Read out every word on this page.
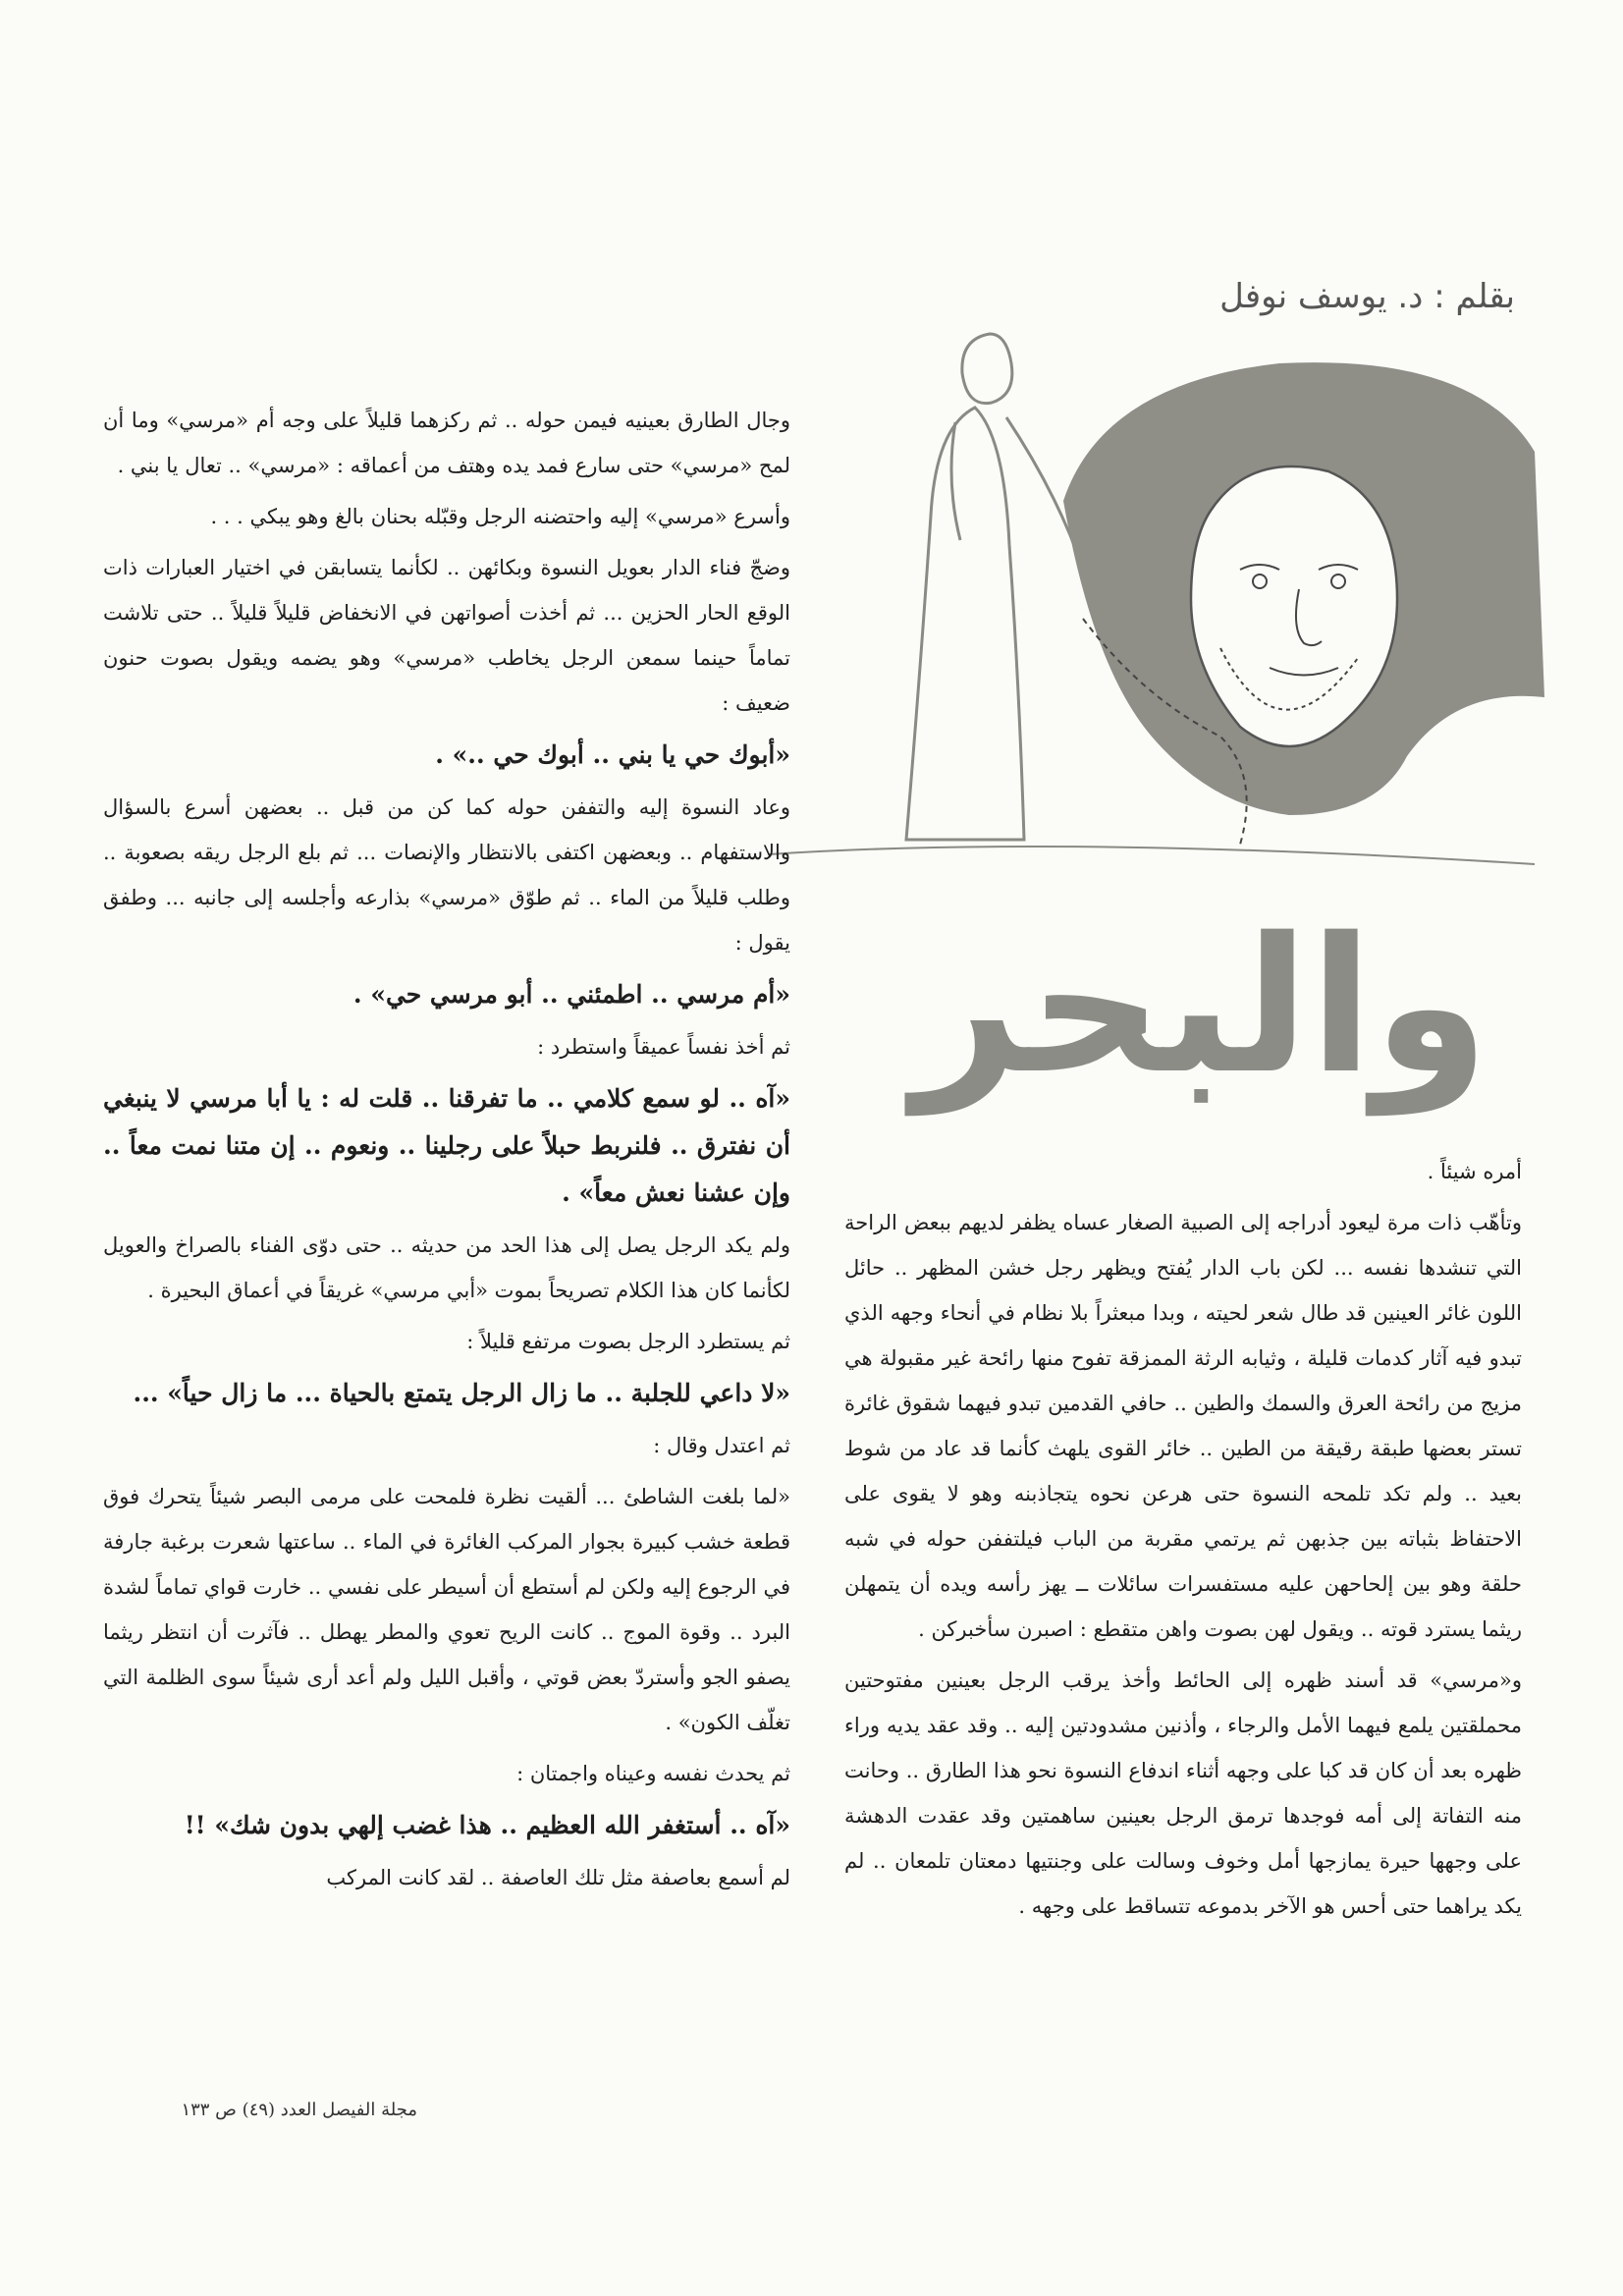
بقلم : د. يوسف نوفل
والبحر

وجال الطارق بعينيه فيمن حوله .. ثم ركزهما قليلاً على وجه أم «مرسي» وما أن لمح «مرسي» حتى سارع فمد يده وهتف من أعماقه : «مرسي» .. تعال يا بني .

وأسرع «مرسي» إليه واحتضنه الرجل وقبّله بحنان بالغ وهو يبكي . . .

وضجّ فناء الدار بعويل النسوة وبكائهن .. لكأنما يتسابقن في اختيار العبارات ذات الوقع الحار الحزين ... ثم أخذت أصواتهن في الانخفاض قليلاً قليلاً .. حتى تلاشت تماماً حينما سمعن الرجل يخاطب «مرسي» وهو يضمه ويقول بصوت حنون ضعيف :

«أبوك حي يا بني .. أبوك حي ..» .

وعاد النسوة إليه والتففن حوله كما كن من قبل .. بعضهن أسرع بالسؤال والاستفهام .. وبعضهن اكتفى بالانتظار والإنصات ... ثم بلع الرجل ريقه بصعوبة .. وطلب قليلاً من الماء .. ثم طوّق «مرسي» بذارعه وأجلسه إلى جانبه ... وطفق يقول :

«أم مرسي .. اطمئني .. أبو مرسي حي» .

ثم أخذ نفساً عميقاً واستطرد :

«آه .. لو سمع كلامي .. ما تفرقنا .. قلت له : يا أبا مرسي لا ينبغي أن نفترق .. فلنربط حبلاً على رجلينا .. ونعوم .. إن متنا نمت معاً .. وإن عشنا نعش معاً» .

ولم يكد الرجل يصل إلى هذا الحد من حديثه .. حتى دوّى الفناء بالصراخ والعويل لكأنما كان هذا الكلام تصريحاً بموت «أبي مرسي» غريقاً في أعماق البحيرة .

ثم يستطرد الرجل بصوت مرتفع قليلاً :

«لا داعي للجلبة .. ما زال الرجل يتمتع بالحياة ... ما زال حياً» ...

ثم اعتدل وقال :

«لما بلغت الشاطئ ... ألقيت نظرة فلمحت على مرمى البصر شيئاً يتحرك فوق قطعة خشب كبيرة بجوار المركب الغائرة في الماء .. ساعتها شعرت برغبة جارفة في الرجوع إليه ولكن لم أستطع أن أسيطر على نفسي .. خارت قواي تماماً لشدة البرد .. وقوة الموج .. كانت الريح تعوي والمطر يهطل .. فآثرت أن انتظر ريثما يصفو الجو وأستردّ بعض قوتي ، وأقبل الليل ولم أعد أرى شيئاً سوى الظلمة التي تغلّف الكون» .

ثم يحدث نفسه وعيناه واجمتان :

«آه .. أستغفر الله العظيم .. هذا غضب إلهي بدون شك» !!

لم أسمع بعاصفة مثل تلك العاصفة .. لقد كانت المركب

أمره شيئاً .

وتأهّب ذات مرة ليعود أدراجه إلى الصبية الصغار عساه يظفر لديهم ببعض الراحة التي تنشدها نفسه ... لكن باب الدار يُفتح ويظهر رجل خشن المظهر .. حائل اللون غائر العينين قد طال شعر لحيته ، وبدا مبعثراً بلا نظام في أنحاء وجهه الذي تبدو فيه آثار كدمات قليلة ، وثيابه الرثة الممزقة تفوح منها رائحة غير مقبولة هي مزيج من رائحة العرق والسمك والطين .. حافي القدمين تبدو فيهما شقوق غائرة تستر بعضها طبقة رقيقة من الطين .. خائر القوى يلهث كأنما قد عاد من شوط بعيد .. ولم تكد تلمحه النسوة حتى هرعن نحوه يتجاذبنه وهو لا يقوى على الاحتفاظ بثباته بين جذبهن ثم يرتمي مقربة من الباب فيلتففن حوله في شبه حلقة وهو بين إلحاحهن عليه مستفسرات سائلات ــ يهز رأسه ويده أن يتمهلن ريثما يسترد قوته .. ويقول لهن بصوت واهن متقطع : اصبرن سأخبركن .

و«مرسي» قد أسند ظهره إلى الحائط وأخذ يرقب الرجل بعينين مفتوحتين محملقتين يلمع فيهما الأمل والرجاء ، وأذنين مشدودتين إليه .. وقد عقد يديه وراء ظهره بعد أن كان قد كبا على وجهه أثناء اندفاع النسوة نحو هذا الطارق .. وحانت منه التفاتة إلى أمه فوجدها ترمق الرجل بعينين ساهمتين وقد عقدت الدهشة على وجهها حيرة يمازجها أمل وخوف وسالت على وجنتيها دمعتان تلمعان .. لم يكد يراهما حتى أحس هو الآخر بدموعه تتساقط على وجهه .

مجلة الفيصل العدد (٤٩) ص ١٣٣
